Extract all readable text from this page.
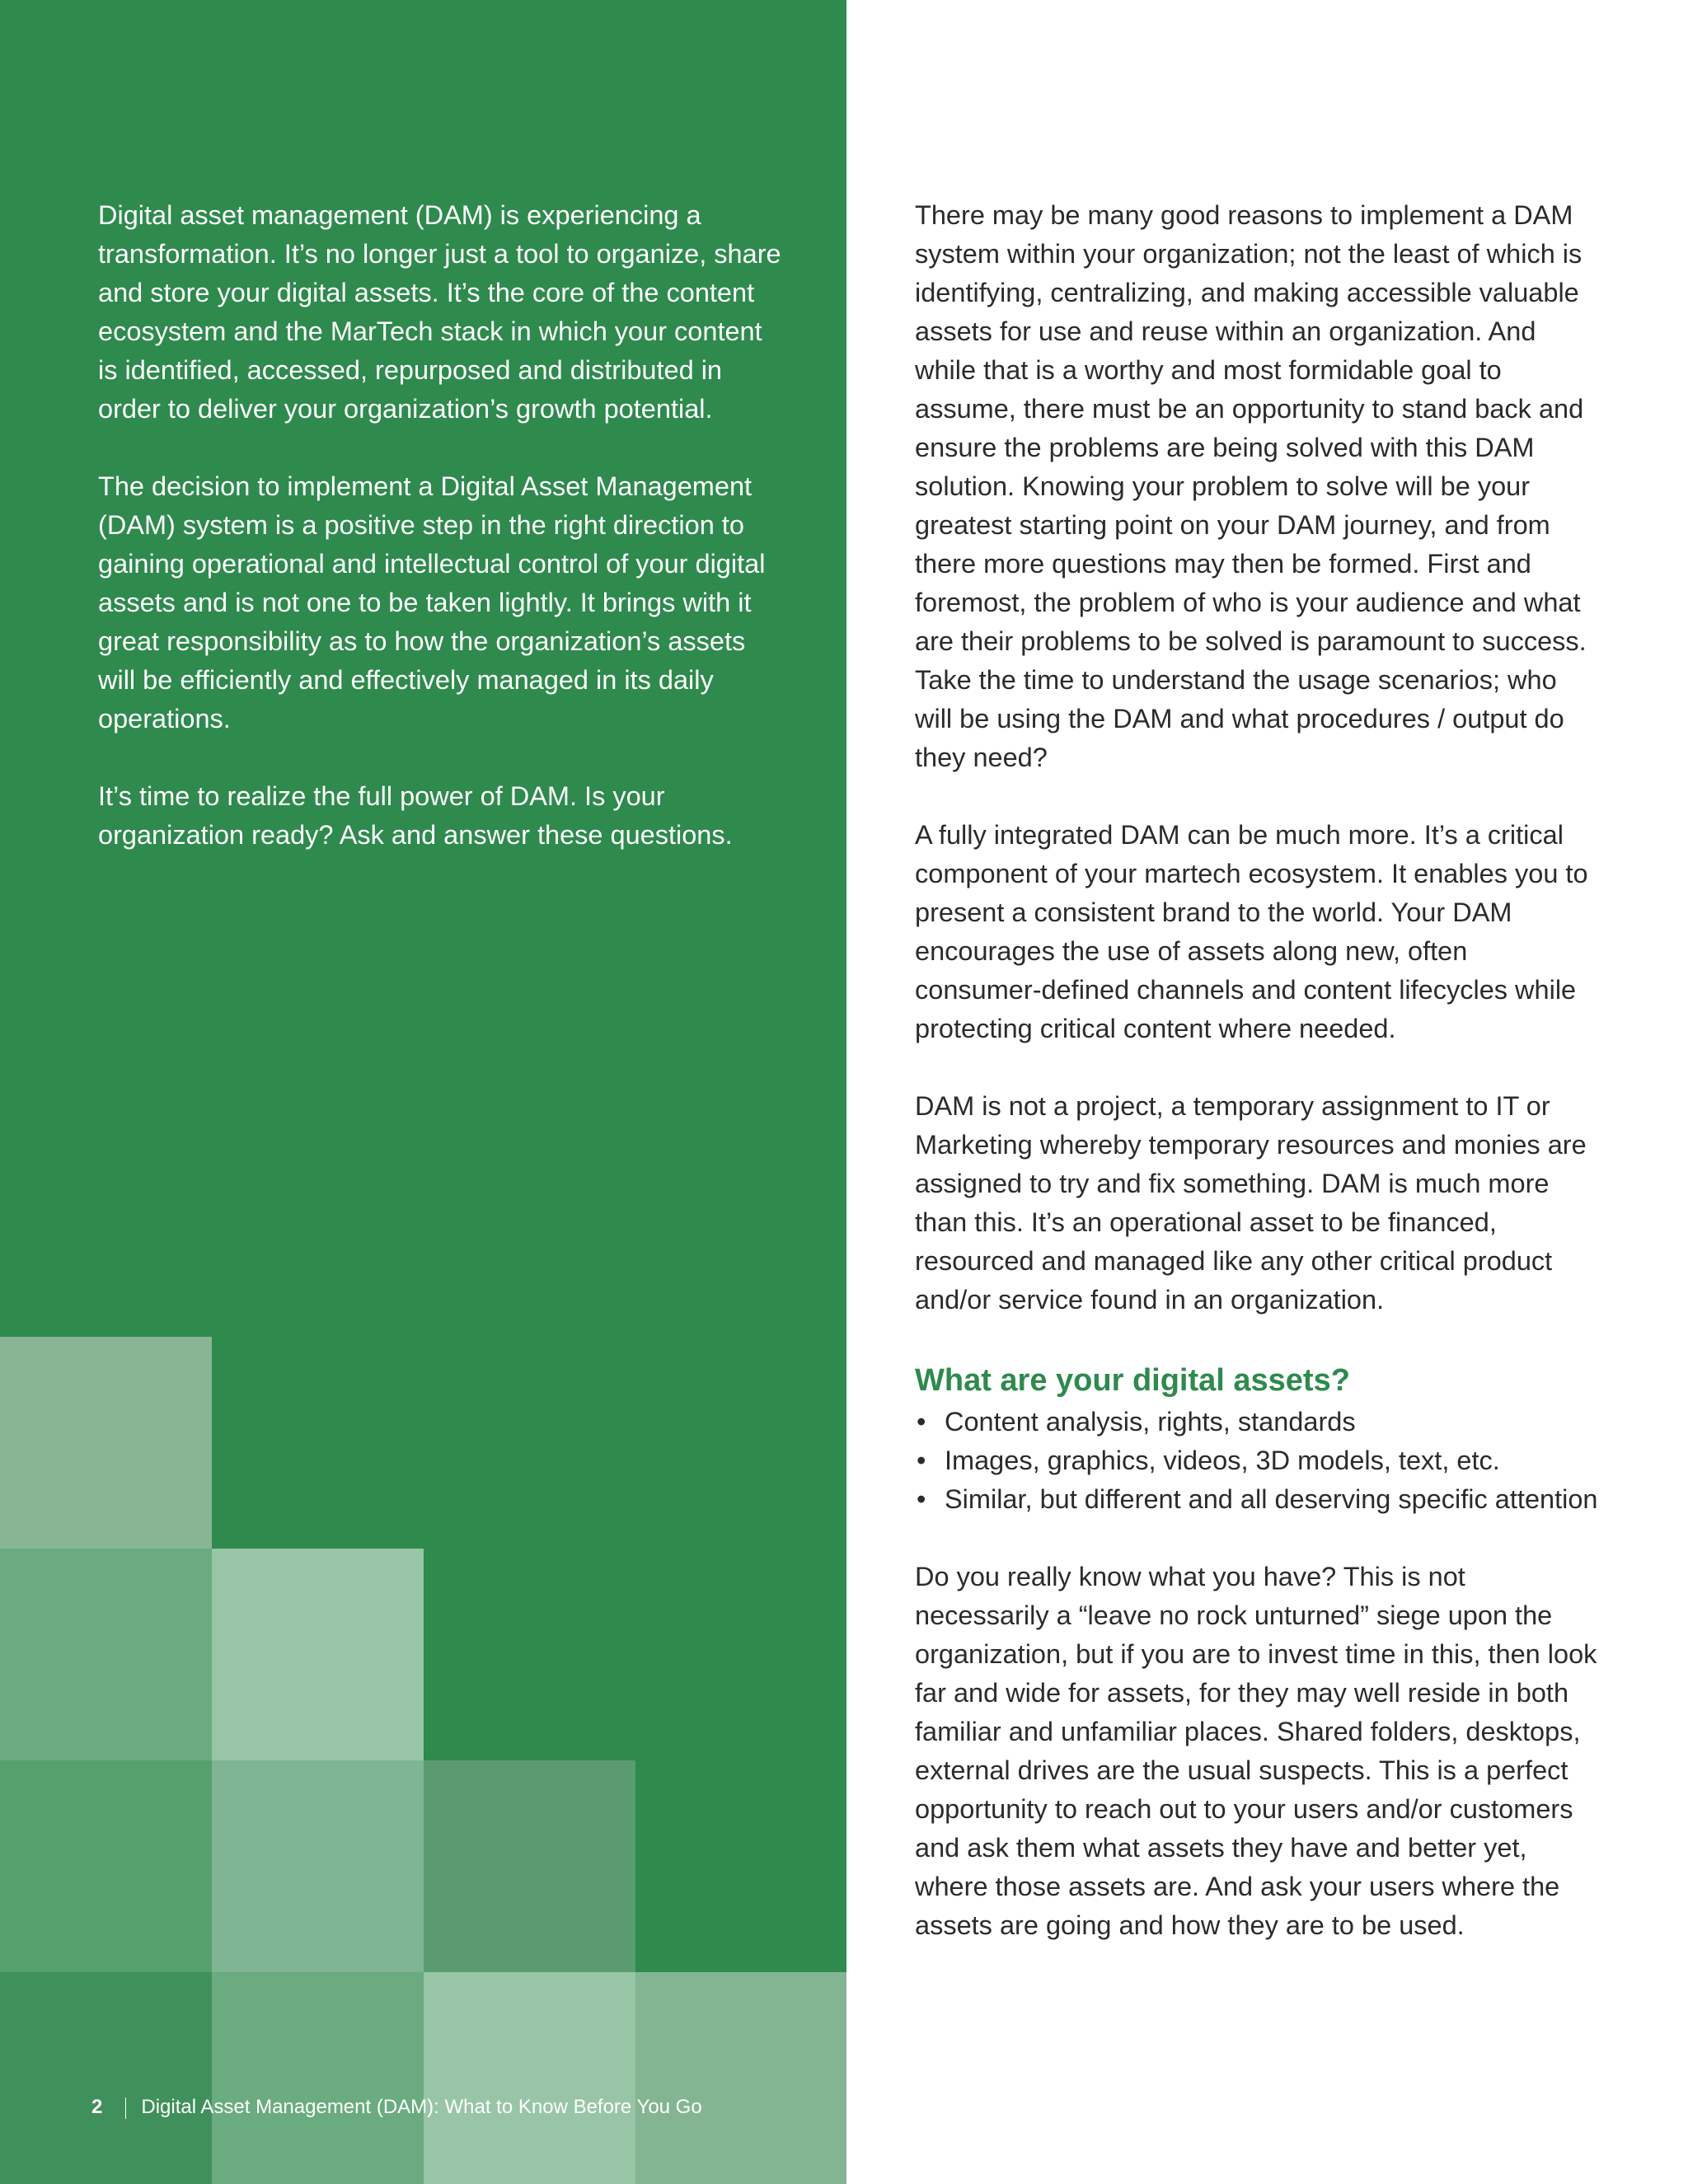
Digital asset management (DAM) is experiencing a transformation. It’s no longer just a tool to organize, share and store your digital assets. It’s the core of the content ecosystem and the MarTech stack in which your content is identified, accessed, repurposed and distributed in order to deliver your organization’s growth potential.

The decision to implement a Digital Asset Management (DAM) system is a positive step in the right direction to gaining operational and intellectual control of your digital assets and is not one to be taken lightly. It brings with it great responsibility as to how the organization’s assets will be efficiently and effectively managed in its daily operations.

It’s time to realize the full power of DAM. Is your organization ready? Ask and answer these questions.

2 Digital Asset Management (DAM): What to Know Before You Go

There may be many good reasons to implement a DAM system within your organization; not the least of which is identifying, centralizing, and making accessible valuable assets for use and reuse within an organization. And while that is a worthy and most formidable goal to assume, there must be an opportunity to stand back and ensure the problems are being solved with this DAM solution. Knowing your problem to solve will be your greatest starting point on your DAM journey, and from there more questions may then be formed. First and foremost, the problem of who is your audience and what are their problems to be solved is paramount to success. Take the time to understand the usage scenarios; who will be using the DAM and what procedures / output do they need?

A fully integrated DAM can be much more. It’s a critical component of your martech ecosystem. It enables you to present a consistent brand to the world. Your DAM encourages the use of assets along new, often consumer-defined channels and content lifecycles while protecting critical content where needed.

DAM is not a project, a temporary assignment to IT or Marketing whereby temporary resources and monies are assigned to try and fix something. DAM is much more than this. It’s an operational asset to be financed, resourced and managed like any other critical product and/or service found in an organization.

What are your digital assets?
• Content analysis, rights, standards
• Images, graphics, videos, 3D models, text, etc.
• Similar, but different and all deserving specific attention

Do you really know what you have? This is not necessarily a “leave no rock unturned” siege upon the organization, but if you are to invest time in this, then look far and wide for assets, for they may well reside in both familiar and unfamiliar places. Shared folders, desktops, external drives are the usual suspects. This is a perfect opportunity to reach out to your users and/or customers and ask them what assets they have and better yet, where those assets are. And ask your users where the assets are going and how they are to be used.
